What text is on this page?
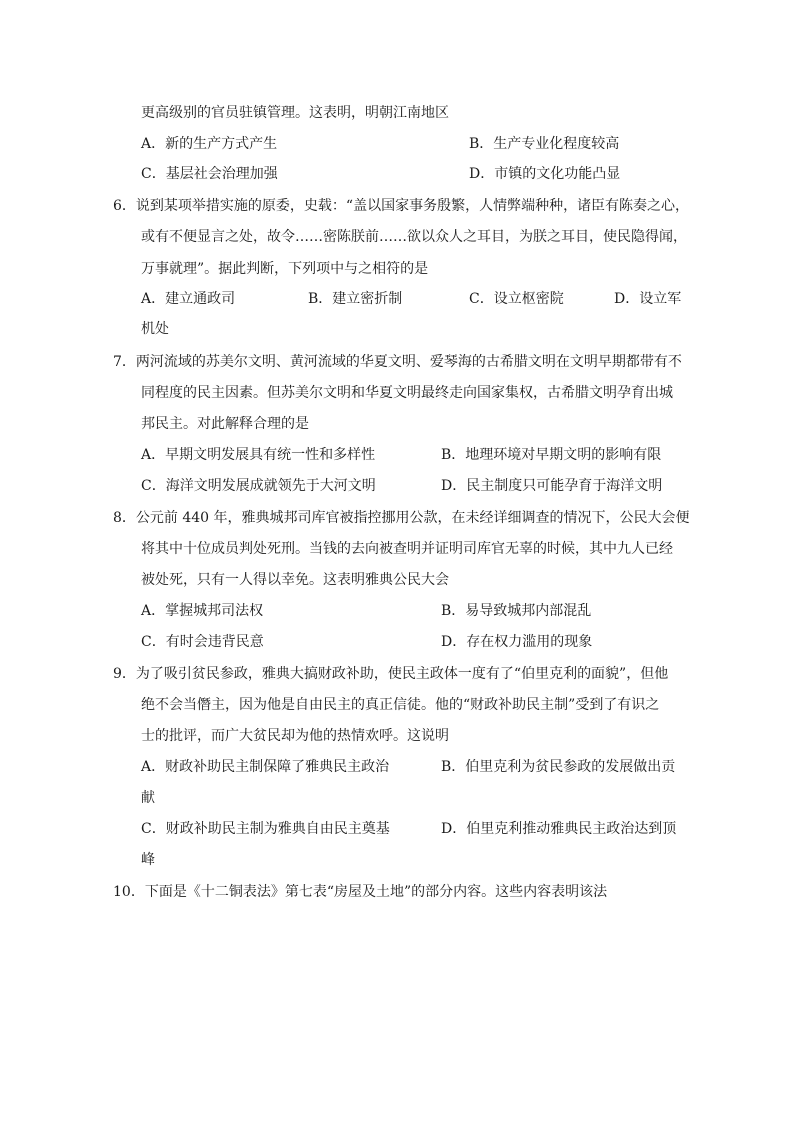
更高级别的官员驻镇管理。这表明，明朝江南地区
A．新的生产方式产生	B．生产专业化程度较高
C．基层社会治理加强	D．市镇的文化功能凸显
6．说到某项举措实施的原委，史载：“盖以国家事务殷繁，人情弊端种种，诸臣有陈奏之心，
或有不便显言之处，故令……密陈朕前……欲以众人之耳目，为朕之耳目，使民隐得闻，
万事就理”。据此判断，下列项中与之相符的是
A．建立通政司	B．建立密折制	C．设立枢密院	D．设立军
机处
7．两河流域的苏美尔文明、黄河流域的华夏文明、爱琴海的古希腊文明在文明早期都带有不
同程度的民主因素。但苏美尔文明和华夏文明最终走向国家集权，古希腊文明孕育出城
邦民主。对此解释合理的是
A．早期文明发展具有统一性和多样性	B．地理环境对早期文明的影响有限
C．海洋文明发展成就领先于大河文明	D．民主制度只可能孕育于海洋文明
8．公元前 440 年，雅典城邦司库官被指控挪用公款，在未经详细调查的情况下，公民大会便
将其中十位成员判处死刑。当钱的去向被查明并证明司库官无辜的时候，其中九人已经
被处死，只有一人得以幸免。这表明雅典公民大会
A．掌握城邦司法权	B．易导致城邦内部混乱
C．有时会违背民意	D．存在权力滥用的现象
9．为了吸引贫民参政，雅典大搞财政补助，使民主政体一度有了“伯里克利的面貌”，但他
绝不会当僭主，因为他是自由民主的真正信徒。他的“财政补助民主制”受到了有识之
士的批评，而广大贫民却为他的热情欢呼。这说明
A．财政补助民主制保障了雅典民主政治	B．伯里克利为贫民参政的发展做出贡
献
C．财政补助民主制为雅典自由民主奠基	D．伯里克利推动雅典民主政治达到顶
峰
10．下面是《十二铜表法》第七表“房屋及土地”的部分内容。这些内容表明该法
